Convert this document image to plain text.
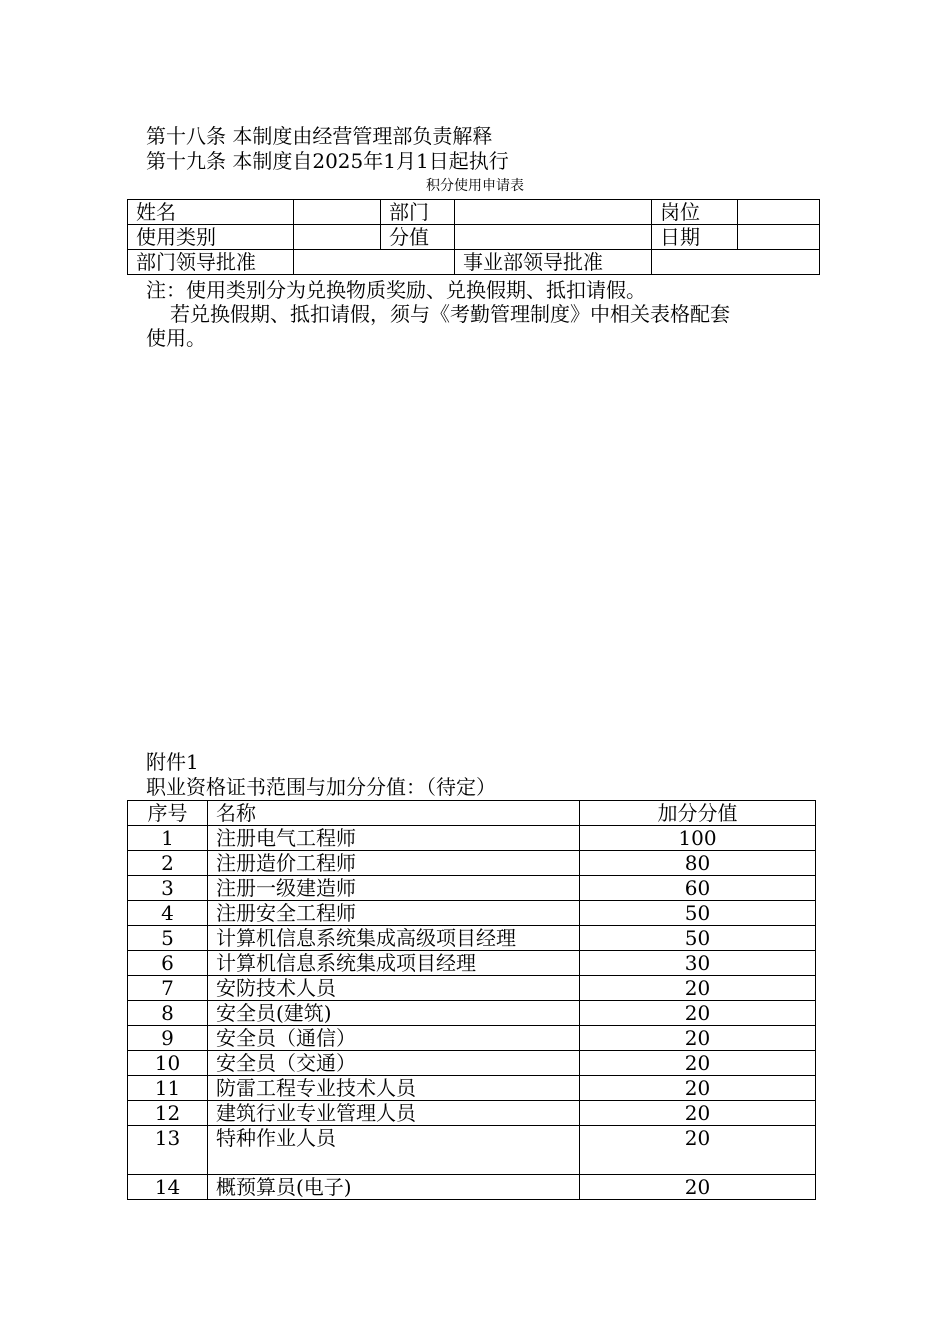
第十八条 本制度由经营管理部负责解释
第十九条 本制度自2025年1月1日起执行
积分使用申请表
姓名		部门		岗位	
使用类别		分值		日期	
部门领导批准			事业部领导批准		
注：使用类别分为兑换物质奖励、兑换假期、抵扣请假。
若兑换假期、抵扣请假，须与《考勤管理制度》中相关表格配套
使用。
附件1
职业资格证书范围与加分分值：（待定）
序号	名称	加分分值
1	注册电气工程师	100
2	注册造价工程师	80
3	注册一级建造师	60
4	注册安全工程师	50
5	计算机信息系统集成高级项目经理	50
6	计算机信息系统集成项目经理	30
7	安防技术人员	20
8	安全员(建筑)	20
9	安全员（通信）	20
10	安全员（交通）	20
11	防雷工程专业技术人员	20
12	建筑行业专业管理人员	20
13	特种作业人员	20
14	概预算员(电子)	20
